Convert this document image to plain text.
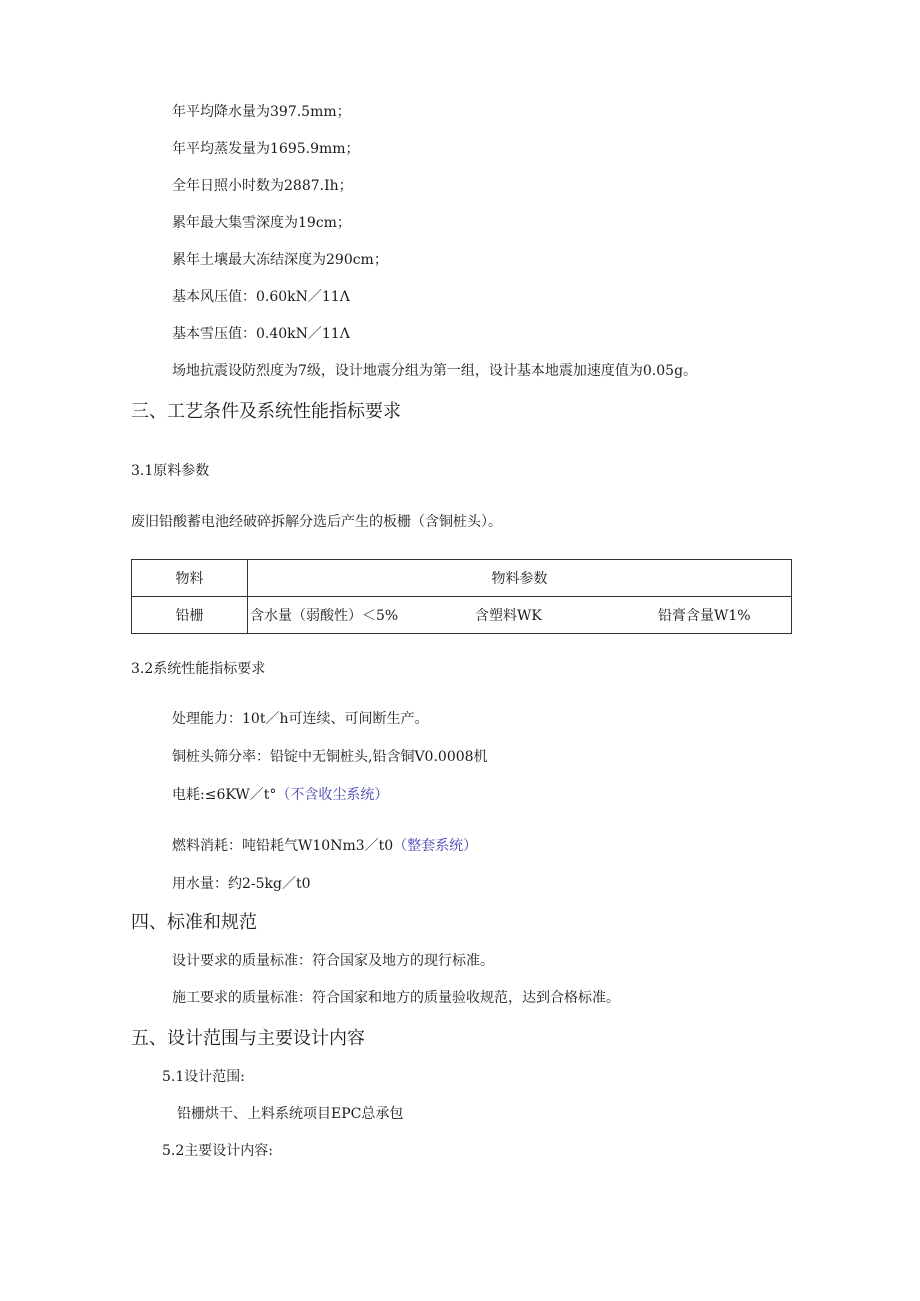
年平均降水量为397.5mm；
年平均蒸发量为1695.9mm；
全年日照小时数为2887.Ih；
累年最大集雪深度为19cm；
累年土壤最大冻结深度为290cm；
基本风压值：0.60kN／11Λ
基本雪压值：0.40kN／11Λ
场地抗震设防烈度为7级，设计地震分组为第一组，设计基本地震加速度值为0.05g。
三、工艺条件及系统性能指标要求
3.1原料参数
废旧铅酸蓄电池经破碎拆解分选后产生的板栅（含铜桩头）。
物料	物料参数
铅栅	含水量（弱酸性）＜5% 含塑料WK 铅膏含量W1%
3.2系统性能指标要求
处理能力：10t／h可连续、可间断生产。
铜桩头筛分率：铅锭中无铜桩头,铅含铜V0.0008机
电耗:≤6KW／t°（不含收尘系统）
燃料消耗：吨铅耗气W10Nm3／t0（整套系统）
用水量：约2-5kg／t0
四、标准和规范
设计要求的质量标准：符合国家及地方的现行标准。
施工要求的质量标准：符合国家和地方的质量验收规范，达到合格标准。
五、设计范围与主要设计内容
5.1设计范围:
铅栅烘干、上料系统项目EPC总承包
5.2主要设计内容:
